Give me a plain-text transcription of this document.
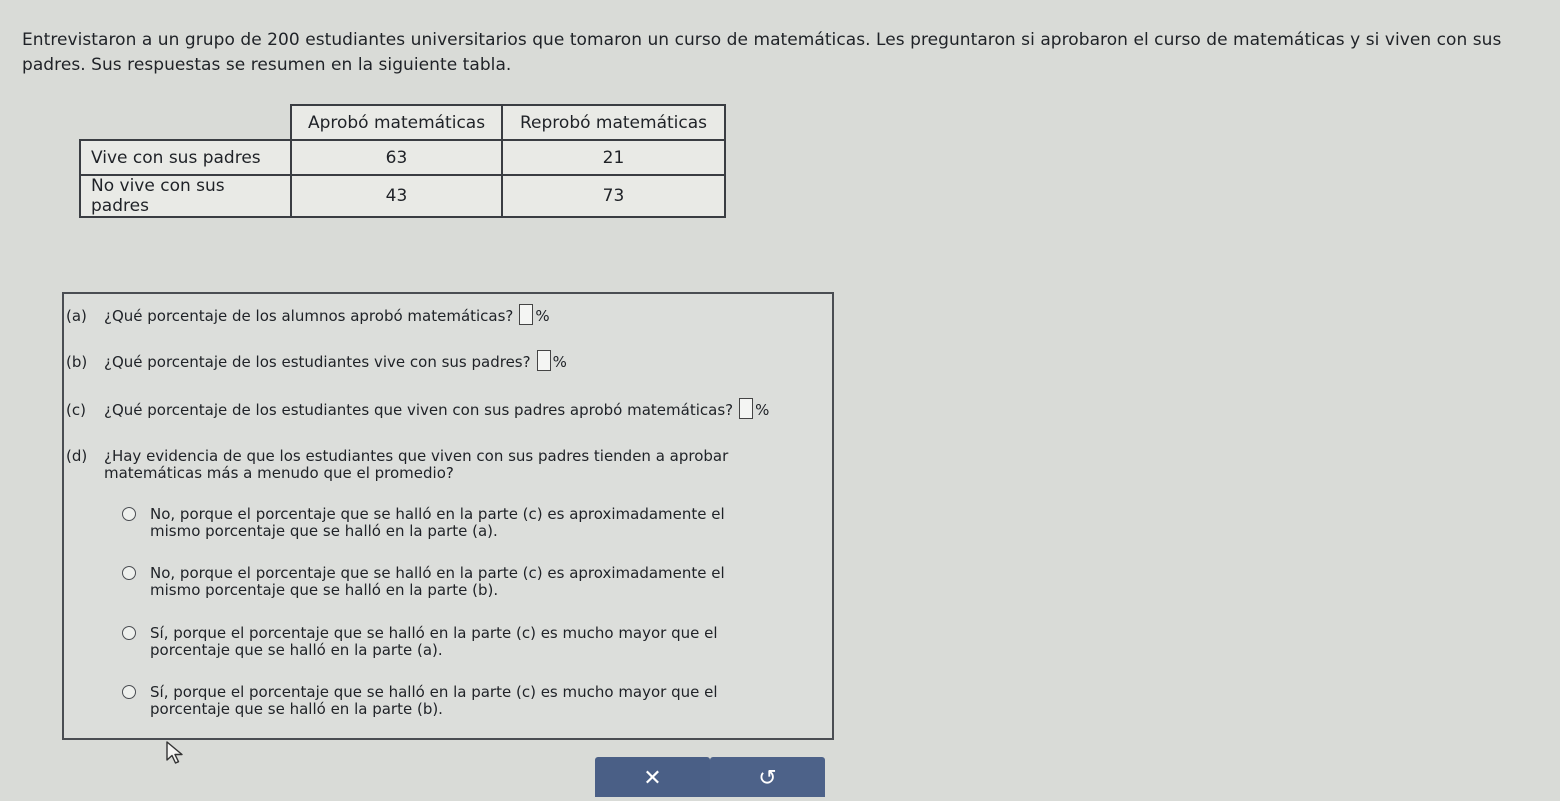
Entrevistaron a un grupo de 200 estudiantes universitarios que tomaron un curso de matemáticas. Les preguntaron si aprobaron el curso de matemáticas y si viven con sus padres. Sus respuestas se resumen en la siguiente tabla.
	Aprobó matemáticas	Reprobó matemáticas
Vive con sus padres	63	21
No vive con sus padres	43	73
(a) ¿Qué porcentaje de los alumnos aprobó matemáticas? %
(b) ¿Qué porcentaje de los estudiantes vive con sus padres? %
(c) ¿Qué porcentaje de los estudiantes que viven con sus padres aprobó matemáticas? %
(d)	¿Hay evidencia de que los estudiantes que viven con sus padres tienden a aprobar matemáticas más a menudo que el promedio?
No, porque el porcentaje que se halló en la parte (c) es aproximadamente el mismo porcentaje que se halló en la parte (a).
No, porque el porcentaje que se halló en la parte (c) es aproximadamente el mismo porcentaje que se halló en la parte (b).
Sí, porque el porcentaje que se halló en la parte (c) es mucho mayor que el porcentaje que se halló en la parte (a).
Sí, porque el porcentaje que se halló en la parte (c) es mucho mayor que el porcentaje que se halló en la parte (b).
✕	↺
